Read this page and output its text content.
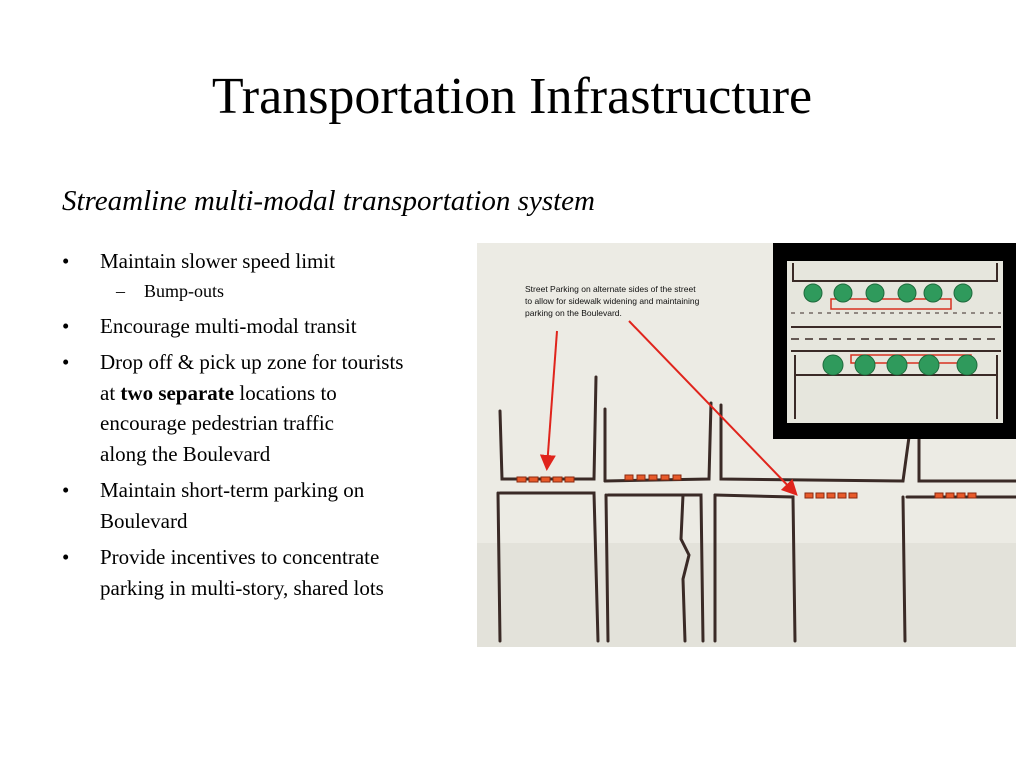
Transportation Infrastructure
Streamline multi-modal transportation system
• Maintain slower speed limit
– Bump-outs
• Encourage multi-modal transit
• Drop off & pick up zone for tourists
at two separate locations to
encourage pedestrian traffic
along the Boulevard
• Maintain short-term parking on
Boulevard
• Provide incentives to concentrate
parking in multi-story, shared lots
Street Parking on alternate sides of the street
to allow for sidewalk widening and maintaining
parking on the Boulevard.
